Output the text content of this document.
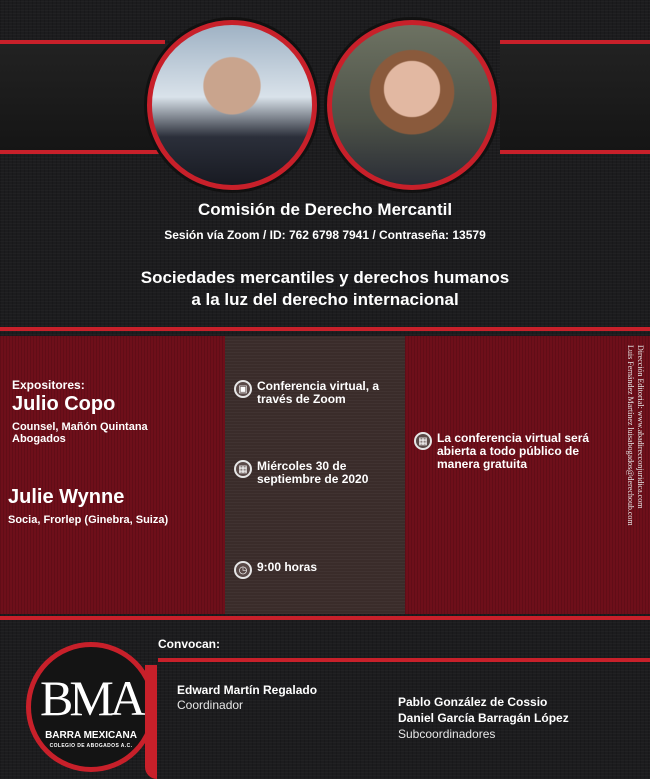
Comisión de Derecho Mercantil
Sesión vía Zoom / ID: 762 6798 7941 / Contraseña: 13579
Sociedades mercantiles y derechos humanos
a la luz del derecho internacional
Expositores:
Julio Copo
Counsel, Mañón Quintana Abogados
Julie Wynne
Socia, Frorlep (Ginebra, Suiza)
▣ Conferencia virtual, a través de Zoom
▦ Miércoles 30 de septiembre de 2020
◷ 9:00 horas
▦ La conferencia virtual será abierta a todo público de manera gratuita
Dirección Editorial: www.abadirecconjuridica.com
Luis Fernández Martínez luisabogados@derechoub.com
Convocan:
BMA
BARRA MEXICANA
COLEGIO DE ABOGADOS A.C.
Edward Martín Regalado
Coordinador	Pablo González de Cossio
Daniel García Barragán López
Subcoordinadores
